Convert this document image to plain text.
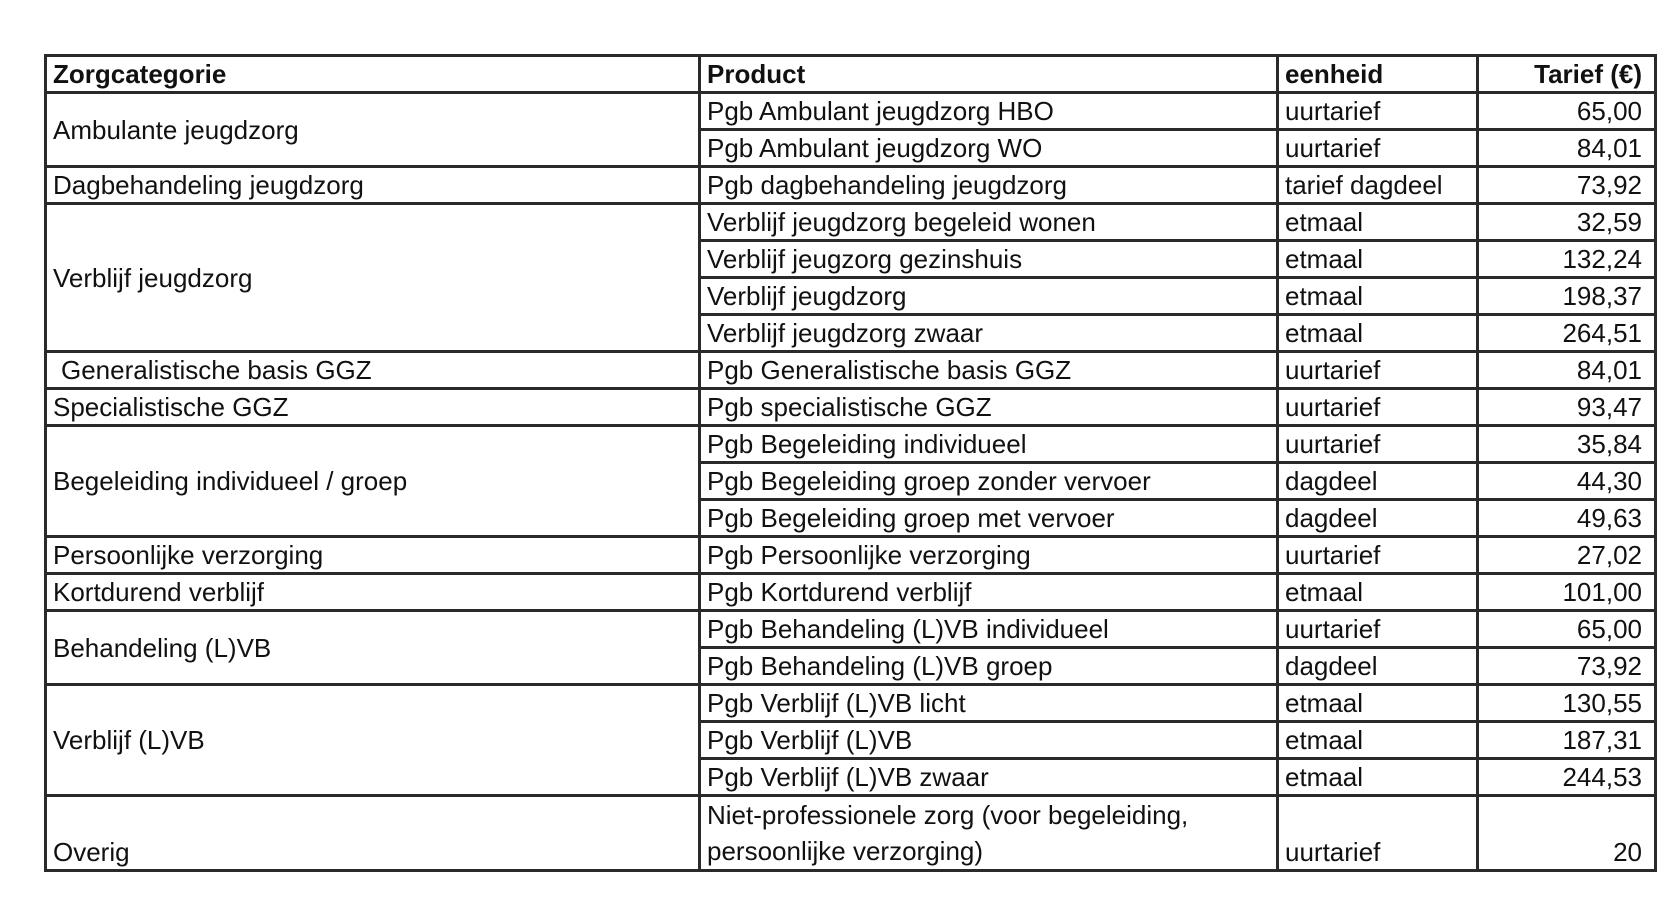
Zorgcategorie	Product	eenheid	Tarief (€)
Ambulante jeugdzorg	Pgb Ambulant jeugdzorg HBO	uurtarief	65,00
	Pgb Ambulant jeugdzorg WO	uurtarief	84,01
Dagbehandeling jeugdzorg	Pgb dagbehandeling jeugdzorg	tarief dagdeel	73,92
Verblijf jeugdzorg	Verblijf jeugdzorg begeleid wonen	etmaal	32,59
	Verblijf jeugzorg gezinshuis	etmaal	132,24
	Verblijf jeugdzorg	etmaal	198,37
	Verblijf jeugdzorg zwaar	etmaal	264,51
Generalistische basis GGZ	Pgb Generalistische basis GGZ	uurtarief	84,01
Specialistische GGZ	Pgb specialistische GGZ	uurtarief	93,47
Begeleiding individueel / groep	Pgb Begeleiding individueel	uurtarief	35,84
	Pgb Begeleiding groep zonder vervoer	dagdeel	44,30
	Pgb Begeleiding groep met vervoer	dagdeel	49,63
Persoonlijke verzorging	Pgb Persoonlijke verzorging	uurtarief	27,02
Kortdurend verblijf	Pgb Kortdurend verblijf	etmaal	101,00
Behandeling (L)VB	Pgb Behandeling (L)VB individueel	uurtarief	65,00
	Pgb Behandeling (L)VB groep	dagdeel	73,92
Verblijf (L)VB	Pgb Verblijf (L)VB licht	etmaal	130,55
	Pgb Verblijf (L)VB	etmaal	187,31
	Pgb Verblijf (L)VB zwaar	etmaal	244,53
Overig	Niet-professionele zorg (voor begeleiding, persoonlijke verzorging)	uurtarief	20
